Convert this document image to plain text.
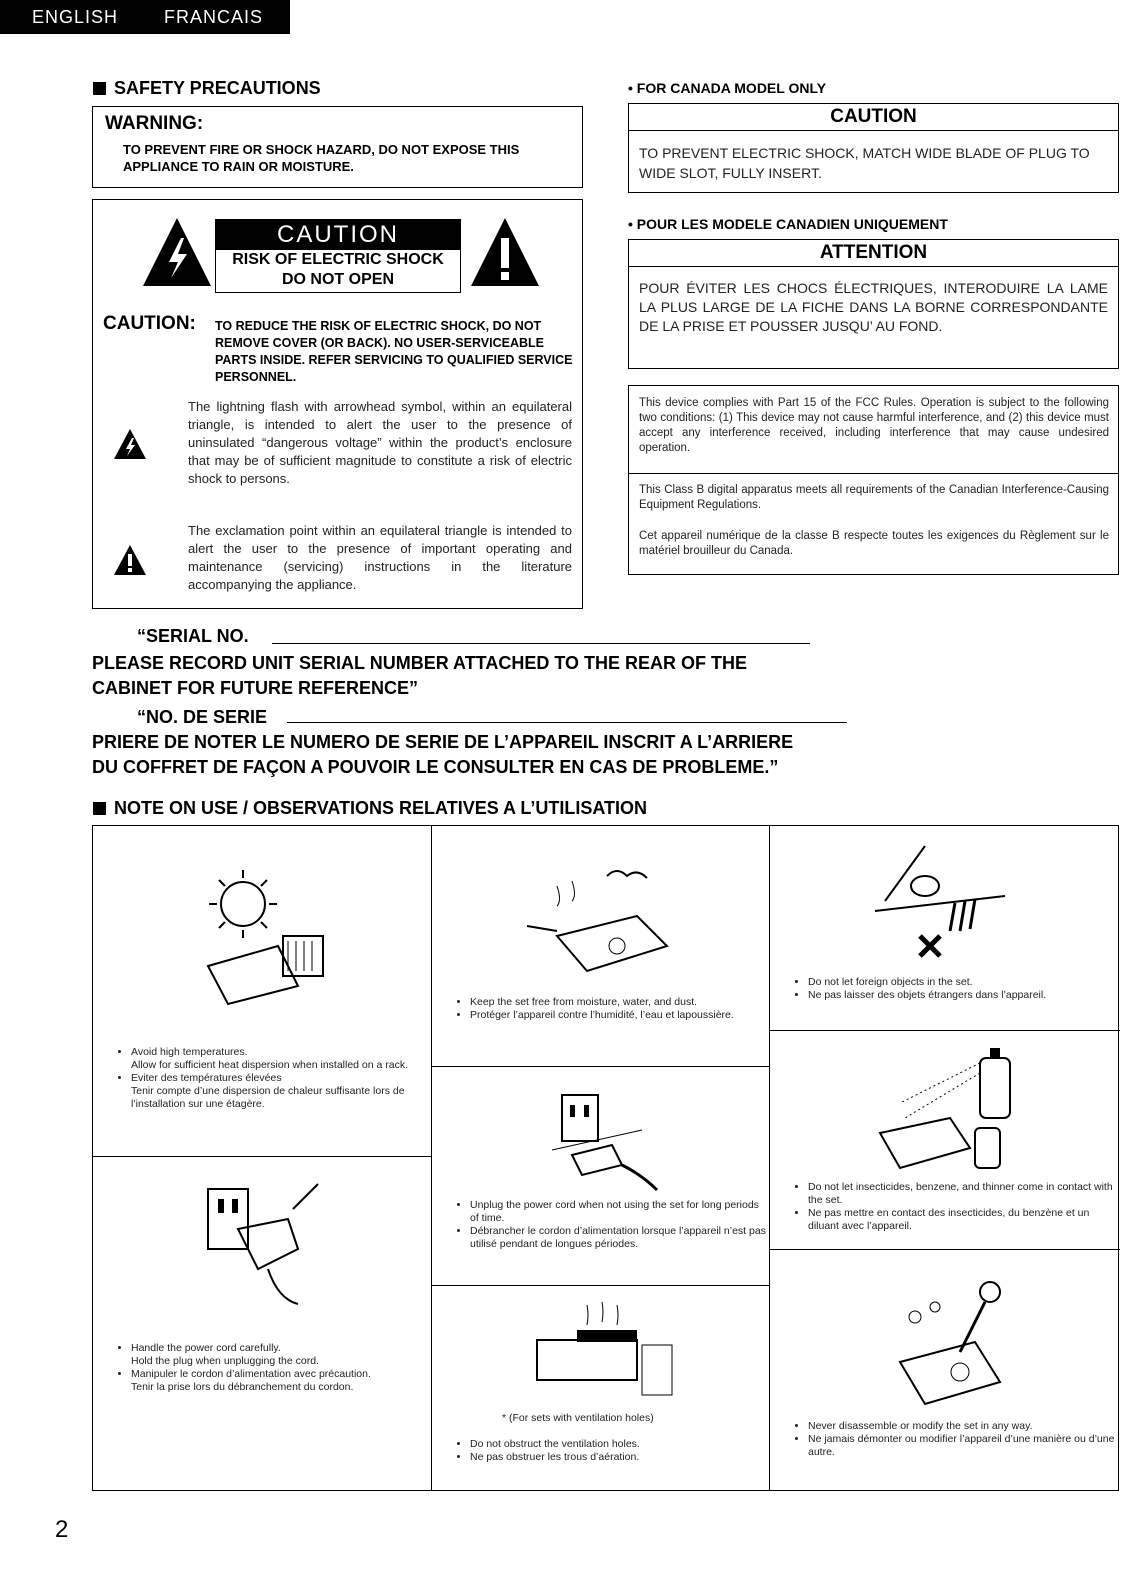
ENGLISH	FRANCAIS
SAFETY PRECAUTIONS
WARNING:
TO PREVENT FIRE OR SHOCK HAZARD, DO NOT EXPOSE THIS APPLIANCE TO RAIN OR MOISTURE.
CAUTION
RISK OF ELECTRIC SHOCK
DO NOT OPEN
CAUTION: TO REDUCE THE RISK OF ELECTRIC SHOCK, DO NOT REMOVE COVER (OR BACK). NO USER-SERVICEABLE PARTS INSIDE. REFER SERVICING TO QUALIFIED SERVICE PERSONNEL.
The lightning flash with arrowhead symbol, within an equilateral triangle, is intended to alert the user to the presence of uninsulated “dangerous voltage” within the product’s enclosure that may be of sufficient magnitude to constitute a risk of electric shock to persons.
The exclamation point within an equilateral triangle is intended to alert the user to the presence of important operating and maintenance (servicing) instructions in the literature accompanying the appliance.
• FOR CANADA MODEL ONLY
CAUTION
TO PREVENT ELECTRIC SHOCK, MATCH WIDE BLADE OF PLUG TO WIDE SLOT, FULLY INSERT.
• POUR LES MODELE CANADIEN UNIQUEMENT
ATTENTION
POUR ÉVITER LES CHOCS ÉLECTRIQUES, INTERODUIRE LA LAME LA PLUS LARGE DE LA FICHE DANS LA BORNE CORRESPONDANTE DE LA PRISE ET POUSSER JUSQU’ AU FOND.
This device complies with Part 15 of the FCC Rules. Operation is subject to the following two conditions: (1) This device may not cause harmful interference, and (2) this device must accept any interference received, including interference that may cause undesired operation.
This Class B digital apparatus meets all requirements of the Canadian Interference-Causing Equipment Regulations.
Cet appareil numérique de la classe B respecte toutes les exigences du Règlement sur le matériel brouilleur du Canada.
“SERIAL NO.
PLEASE RECORD UNIT SERIAL NUMBER ATTACHED TO THE REAR OF THE
CABINET FOR FUTURE REFERENCE”
“NO. DE SERIE
PRIERE DE NOTER LE NUMERO DE SERIE DE L’APPAREIL INSCRIT A L’ARRIERE
DU COFFRET DE FAÇON A POUVOIR LE CONSULTER EN CAS DE PROBLEME.”
NOTE ON USE / OBSERVATIONS RELATIVES A L’UTILISATION
• Avoid high temperatures.
Allow for sufficient heat dispersion when installed on a rack.
• Eviter des températures élevées
Tenir compte d’une dispersion de chaleur suffisante lors de l’installation sur une étagère.
• Handle the power cord carefully.
Hold the plug when unplugging the cord.
• Manipuler le cordon d’alimentation avec précaution.
Tenir la prise lors du débranchement du cordon.
• Keep the set free from moisture, water, and dust.
• Protéger l’appareil contre l’humidité, l’eau et lapoussière.
• Unplug the power cord when not using the set for long periods of time.
• Débrancher le cordon d’alimentation lorsque l’appareil n’est pas utilisé pendant de longues périodes.
* (For sets with ventilation holes)
• Do not obstruct the ventilation holes.
• Ne pas obstruer les trous d’aération.
• Do not let foreign objects in the set.
• Ne pas laisser des objets étrangers dans l’appareil.
• Do not let insecticides, benzene, and thinner come in contact with the set.
• Ne pas mettre en contact des insecticides, du benzène et un diluant avec l’appareil.
• Never disassemble or modify the set in any way.
• Ne jamais démonter ou modifier l’appareil d’une manière ou d’une autre.
2
